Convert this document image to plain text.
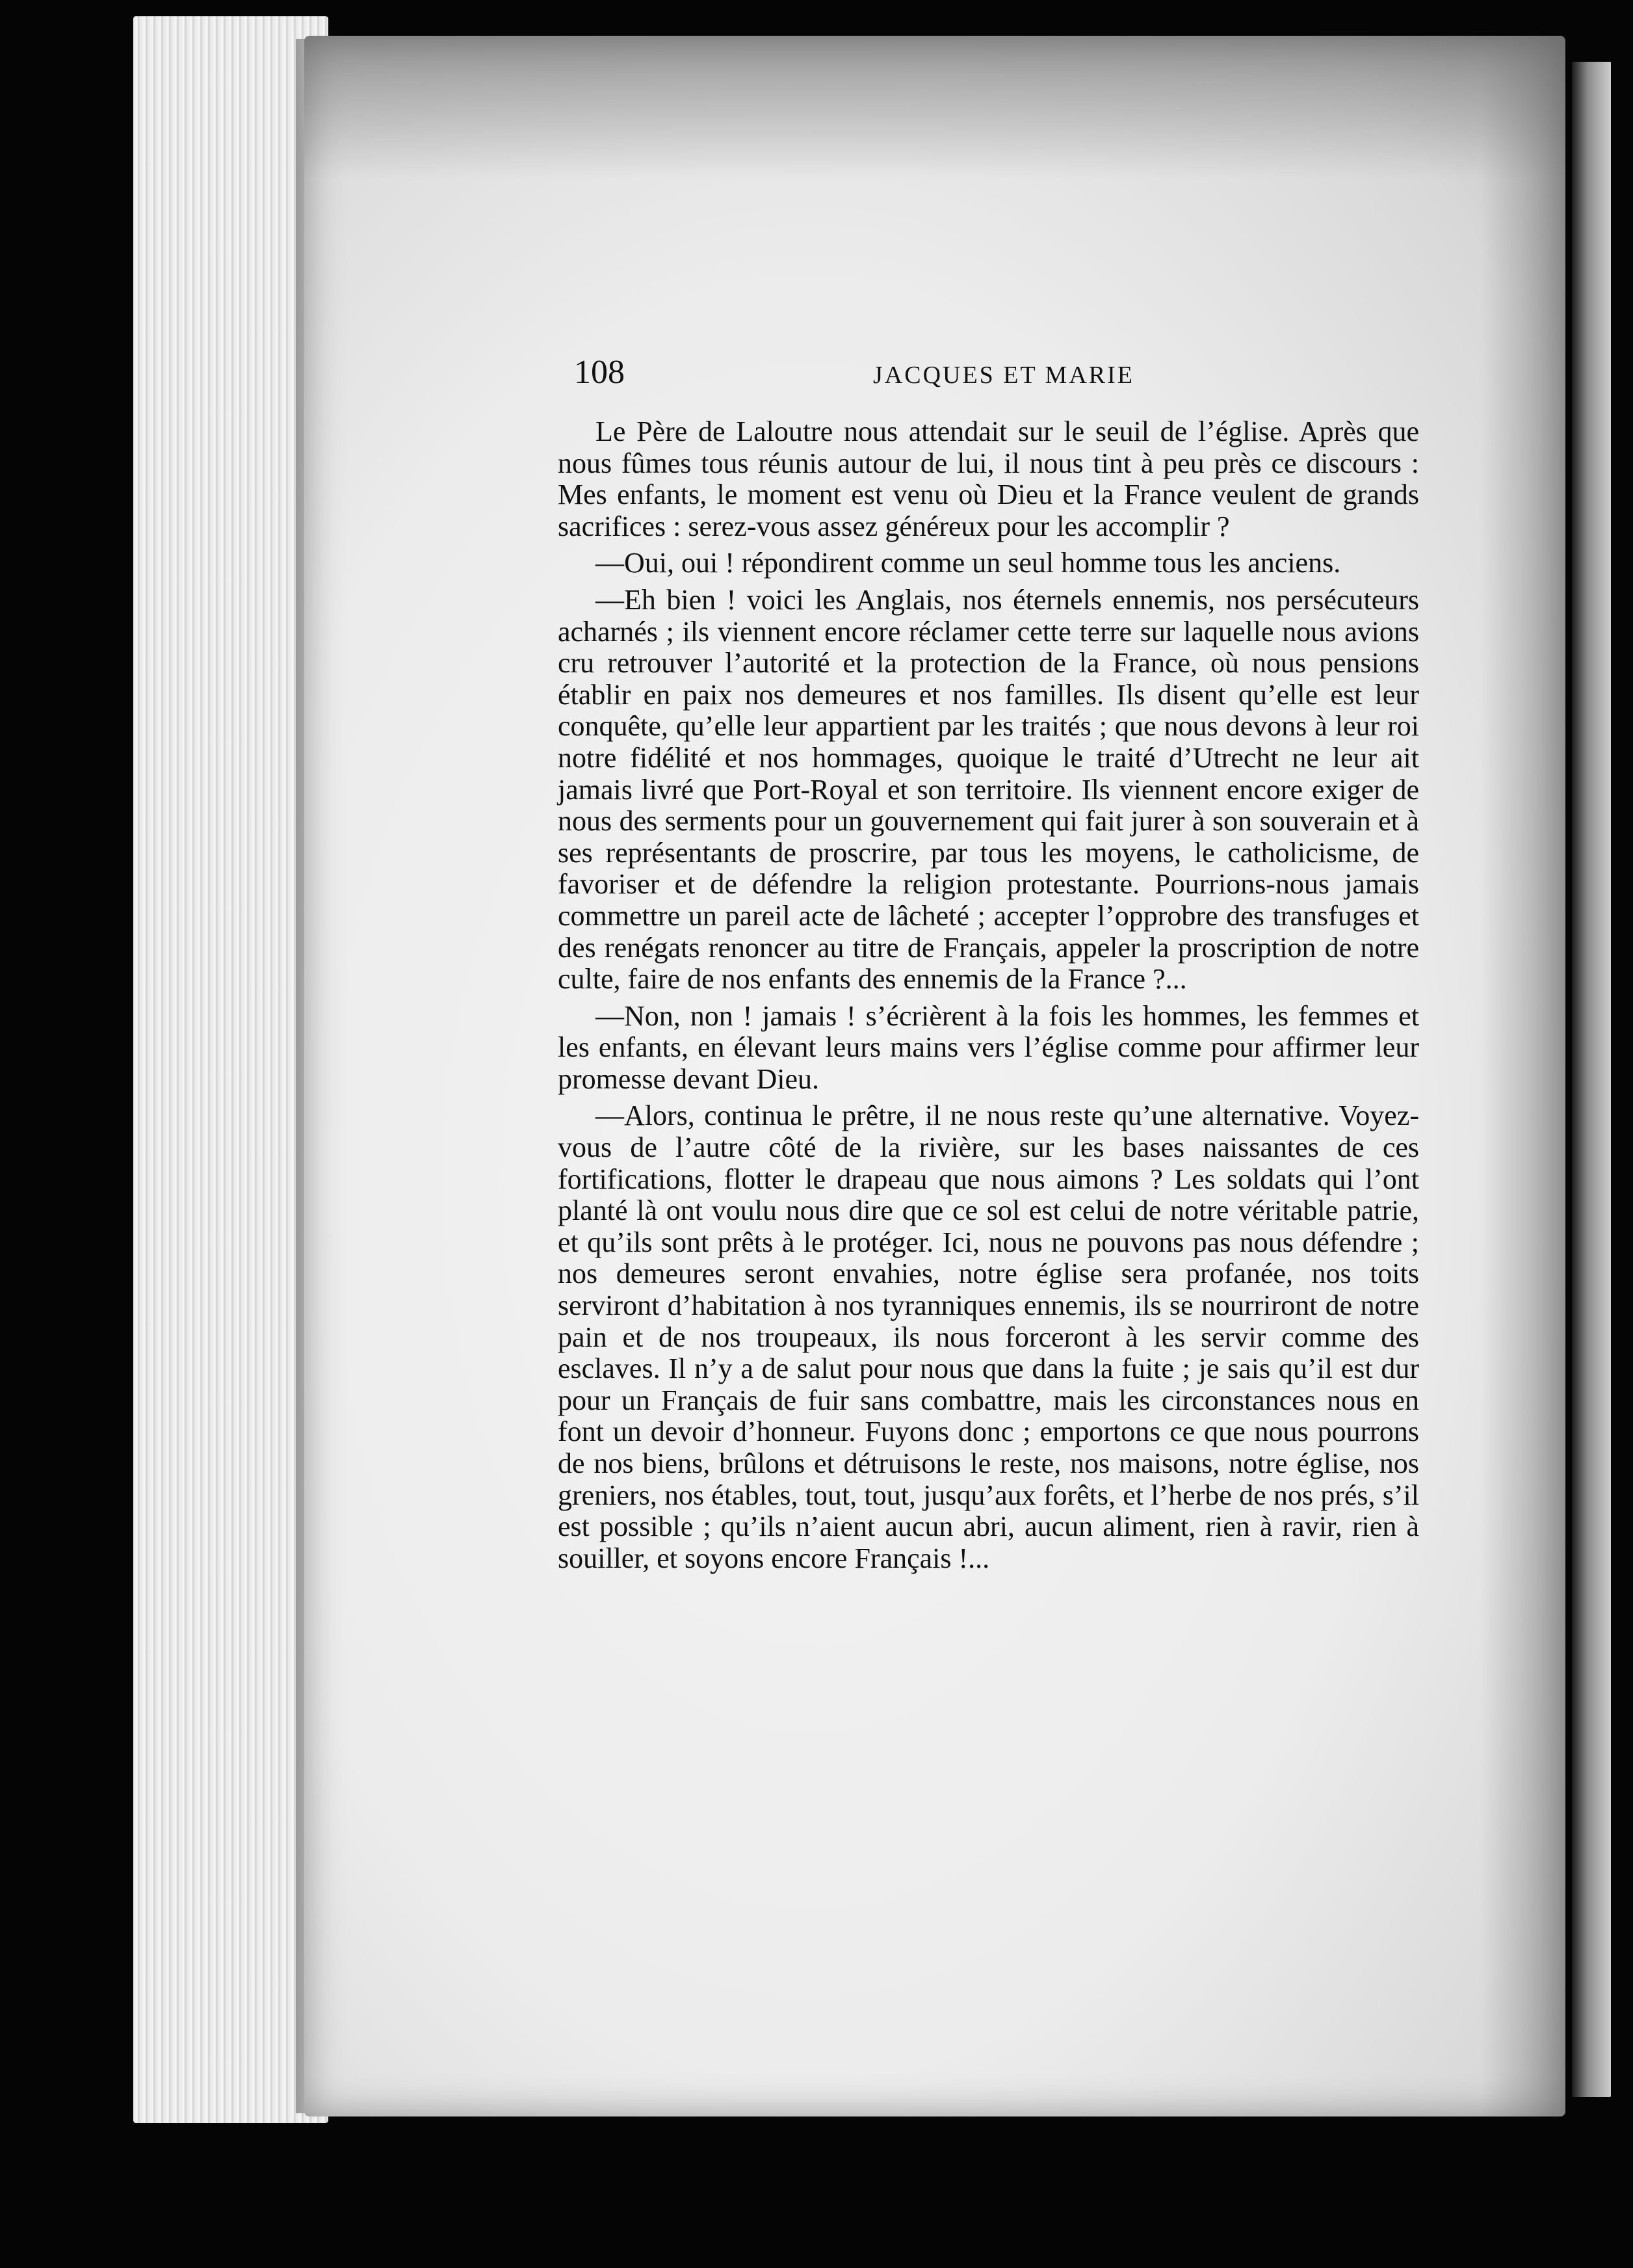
108	JACQUES ET MARIE

Le Père de Laloutre nous attendait sur le seuil de l’église. Après que nous fûmes tous réunis autour de lui, il nous tint à peu près ce discours : Mes enfants, le moment est venu où Dieu et la France veulent de grands sacrifices : serez-vous assez généreux pour les accomplir ?

—Oui, oui ! répondirent comme un seul homme tous les anciens.

—Eh bien ! voici les Anglais, nos éternels ennemis, nos persécuteurs acharnés ; ils viennent encore réclamer cette terre sur laquelle nous avions cru retrouver l’autorité et la protection de la France, où nous pensions établir en paix nos demeures et nos familles. Ils disent qu’elle est leur conquête, qu’elle leur appartient par les traités ; que nous devons à leur roi notre fidélité et nos hommages, quoique le traité d’Utrecht ne leur ait jamais livré que Port-Royal et son territoire. Ils viennent encore exiger de nous des serments pour un gouvernement qui fait jurer à son souverain et à ses représentants de proscrire, par tous les moyens, le catholicisme, de favoriser et de défendre la religion protestante. Pourrions-nous jamais commettre un pareil acte de lâcheté ; accepter l’opprobre des transfuges et des renégats renoncer au titre de Français, appeler la proscription de notre culte, faire de nos enfants des ennemis de la France ?...

—Non, non ! jamais ! s’écrièrent à la fois les hommes, les femmes et les enfants, en élevant leurs mains vers l’église comme pour affirmer leur promesse devant Dieu.

—Alors, continua le prêtre, il ne nous reste qu’une alternative. Voyez-vous de l’autre côté de la rivière, sur les bases naissantes de ces fortifications, flotter le drapeau que nous aimons ? Les soldats qui l’ont planté là ont voulu nous dire que ce sol est celui de notre véritable patrie, et qu’ils sont prêts à le protéger. Ici, nous ne pouvons pas nous défendre ; nos demeures seront envahies, notre église sera profanée, nos toits serviront d’habitation à nos tyranniques ennemis, ils se nourriront de notre pain et de nos troupeaux, ils nous forceront à les servir comme des esclaves. Il n’y a de salut pour nous que dans la fuite ; je sais qu’il est dur pour un Français de fuir sans combattre, mais les circonstances nous en font un devoir d’honneur. Fuyons donc ; emportons ce que nous pourrons de nos biens, brûlons et détruisons le reste, nos maisons, notre église, nos greniers, nos étables, tout, tout, jusqu’aux forêts, et l’herbe de nos prés, s’il est possible ; qu’ils n’aient aucun abri, aucun aliment, rien à ravir, rien à souiller, et soyons encore Français !...
